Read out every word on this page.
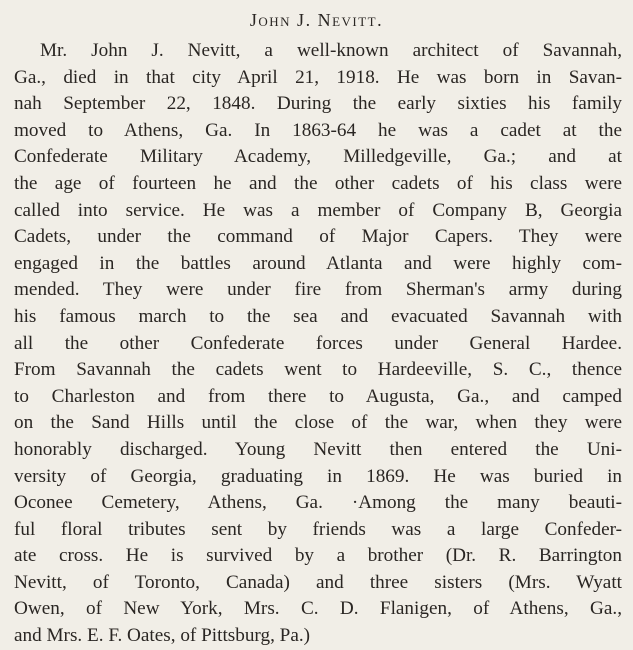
John J. Nevitt.
Mr. John J. Nevitt, a well-known architect of Savannah,
Ga., died in that city April 21, 1918. He was born in Savan-
nah September 22, 1848. During the early sixties his family
moved to Athens, Ga. In 1863-64 he was a cadet at the
Confederate Military Academy, Milledgeville, Ga.; and at
the age of fourteen he and the other cadets of his class were
called into service. He was a member of Company B, Georgia
Cadets, under the command of Major Capers. They were
engaged in the battles around Atlanta and were highly com-
mended. They were under fire from Sherman's army during
his famous march to the sea and evacuated Savannah with
all the other Confederate forces under General Hardee.
From Savannah the cadets went to Hardeeville, S. C., thence
to Charleston and from there to Augusta, Ga., and camped
on the Sand Hills until the close of the war, when they were
honorably discharged. Young Nevitt then entered the Uni-
versity of Georgia, graduating in 1869. He was buried in
Oconee Cemetery, Athens, Ga. ·Among the many beauti-
ful floral tributes sent by friends was a large Confeder-
ate cross. He is survived by a brother (Dr. R. Barrington
Nevitt, of Toronto, Canada) and three sisters (Mrs. Wyatt
Owen, of New York, Mrs. C. D. Flanigen, of Athens, Ga.,
and Mrs. E. F. Oates, of Pittsburg, Pa.)
